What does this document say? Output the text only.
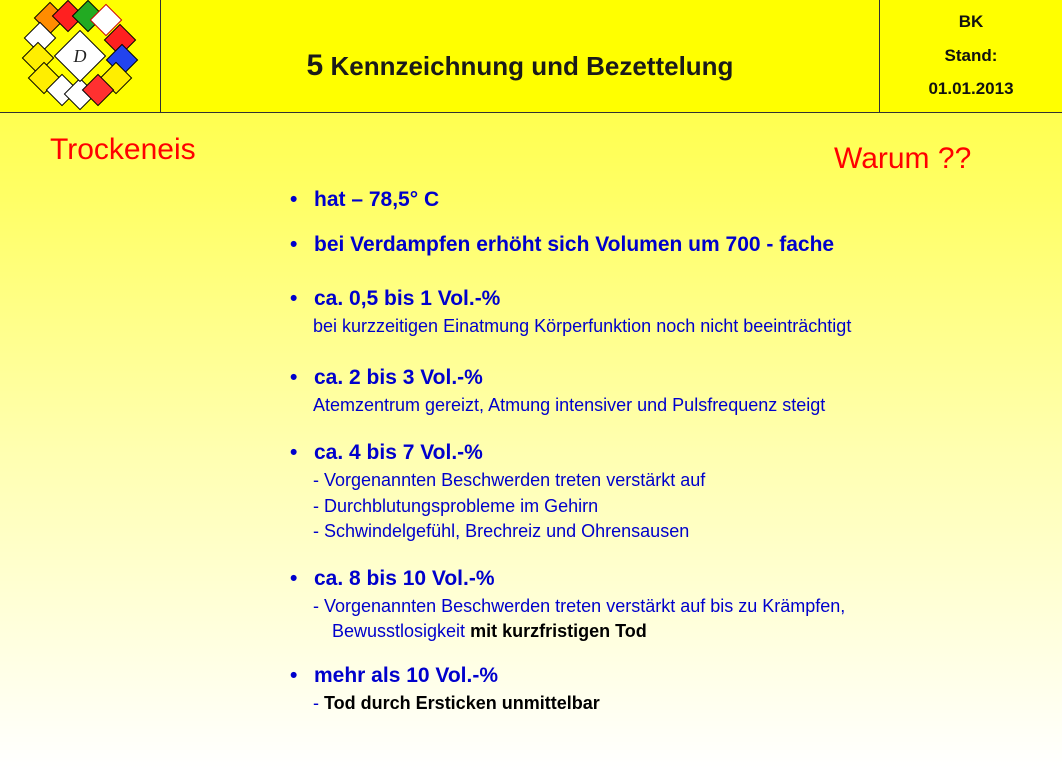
D	5 Kennzeichnung und Bezettelung
BK
Stand:
01.01.2013
Trockeneis	Warum ??
• hat – 78,5° C
• bei Verdampfen erhöht sich Volumen um 700 - fache
• ca. 0,5 bis 1 Vol.-%
bei kurzzeitigen Einatmung Körperfunktion noch nicht beeinträchtigt
• ca. 2 bis 3 Vol.-%
Atemzentrum gereizt, Atmung intensiver und Pulsfrequenz steigt
• ca. 4 bis 7 Vol.-%
- Vorgenannten Beschwerden treten verstärkt auf
- Durchblutungsprobleme im Gehirn
- Schwindelgefühl, Brechreiz und Ohrensausen
• ca. 8 bis 10 Vol.-%
- Vorgenannten Beschwerden treten verstärkt auf bis zu Krämpfen,
Bewusstlosigkeit mit kurzfristigen Tod
• mehr als 10 Vol.-%
- Tod durch Ersticken unmittelbar
